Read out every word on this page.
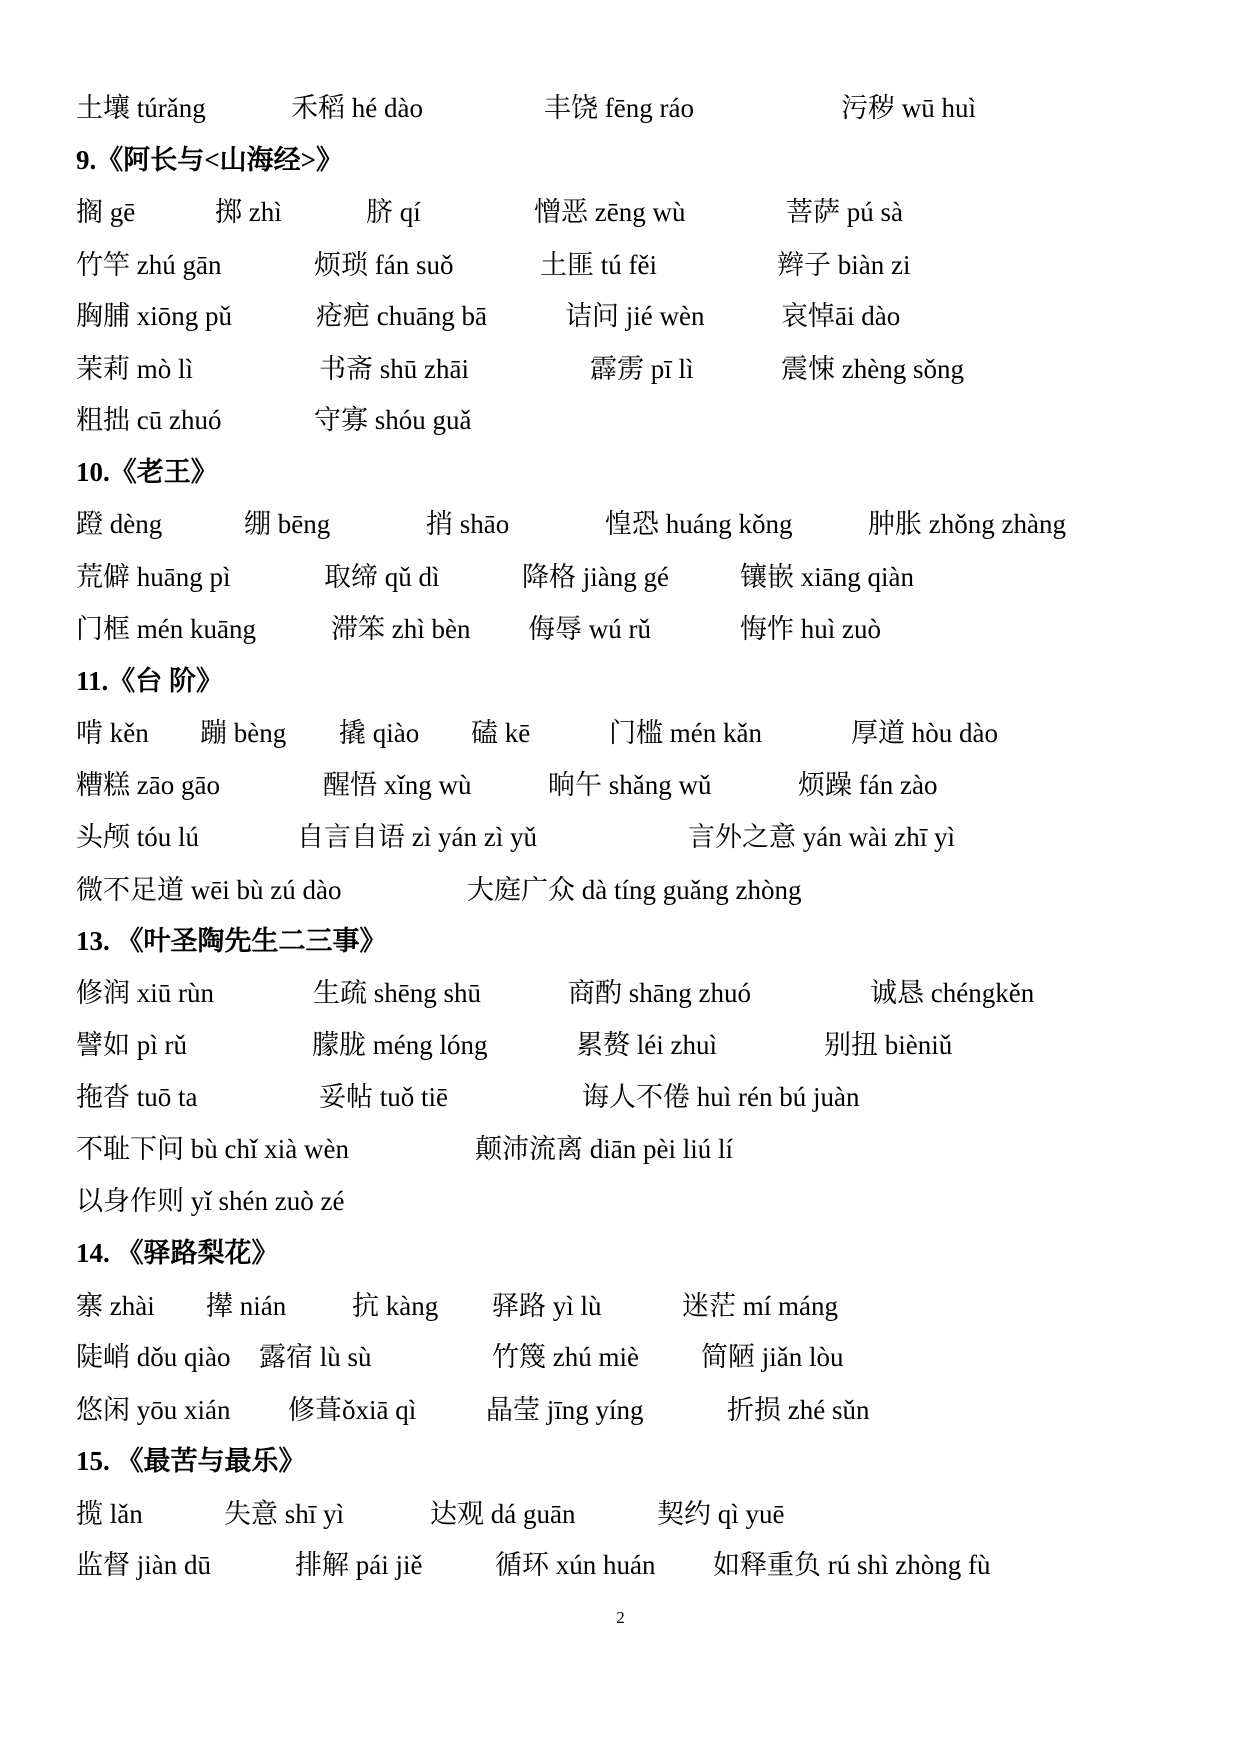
土壤 túrǎng	禾稻 hé dào	丰饶 fēng ráo	污秽 wū huì
9.《阿长与<山海经>》
搁 gē	掷 zhì	脐 qí	憎恶 zēng wù	菩萨 pú sà
竹竿 zhú gān	烦琐 fán suǒ	土匪 tú fěi	辫子 biàn zi
胸脯 xiōng pǔ	疮疤 chuāng bā	诘问 jié wèn	哀悼āi dào
茉莉 mò lì	书斋 shū zhāi	霹雳 pī lì	震悚 zhèng sǒng
粗拙 cū zhuó	守寡 shóu guǎ
10.《老王》
蹬 dèng	绷 bēng	捎 shāo	惶恐 huáng kǒng	肿胀 zhǒng zhàng
荒僻 huāng pì	取缔 qǔ dì	降格 jiàng gé	镶嵌 xiāng qiàn
门框 mén kuāng	滞笨 zhì bèn 侮辱 wú rǔ	悔怍 huì zuò
11.《台 阶》
啃 kěn 蹦 bèng 撬 qiào 磕 kē	门槛 mén kǎn	厚道 hòu dào
糟糕 zāo gāo	醒悟 xǐng wù	晌午 shǎng wǔ	烦躁 fán zào
头颅 tóu lú	自言自语 zì yán zì yǔ	言外之意 yán wài zhī yì
微不足道 wēi bù zú dào	大庭广众 dà tíng guǎng zhòng
13. 《叶圣陶先生二三事》
修润 xiū rùn	生疏 shēng shū	商酌 shāng zhuó	诚恳 chéngkěn
譬如 pì rǔ	朦胧 méng lóng	累赘 léi zhuì	别扭 bièniǔ
拖沓 tuō ta	妥帖 tuǒ tiē	诲人不倦 huì rén bú juàn
不耻下问 bù chǐ xià wèn	颠沛流离 diān pèi liú lí
以身作则 yǐ shén zuò zé
14. 《驿路梨花》
寨 zhài 撵 nián 抗 kàng 驿路 yì lù	迷茫 mí máng
陡峭 dǒu qiào 露宿 lù sù	竹篾 zhú miè 简陋 jiǎn lòu
悠闲 yōu xián 修葺ǒxiā qì	晶莹 jīng yíng	折损 zhé sǔn
15. 《最苦与最乐》
揽 lǎn	失意 shī yì	达观 dá guān	契约 qì yuē
监督 jiàn dū	排解 pái jiě	循环 xún huán 如释重负 rú shì zhòng fù
2
